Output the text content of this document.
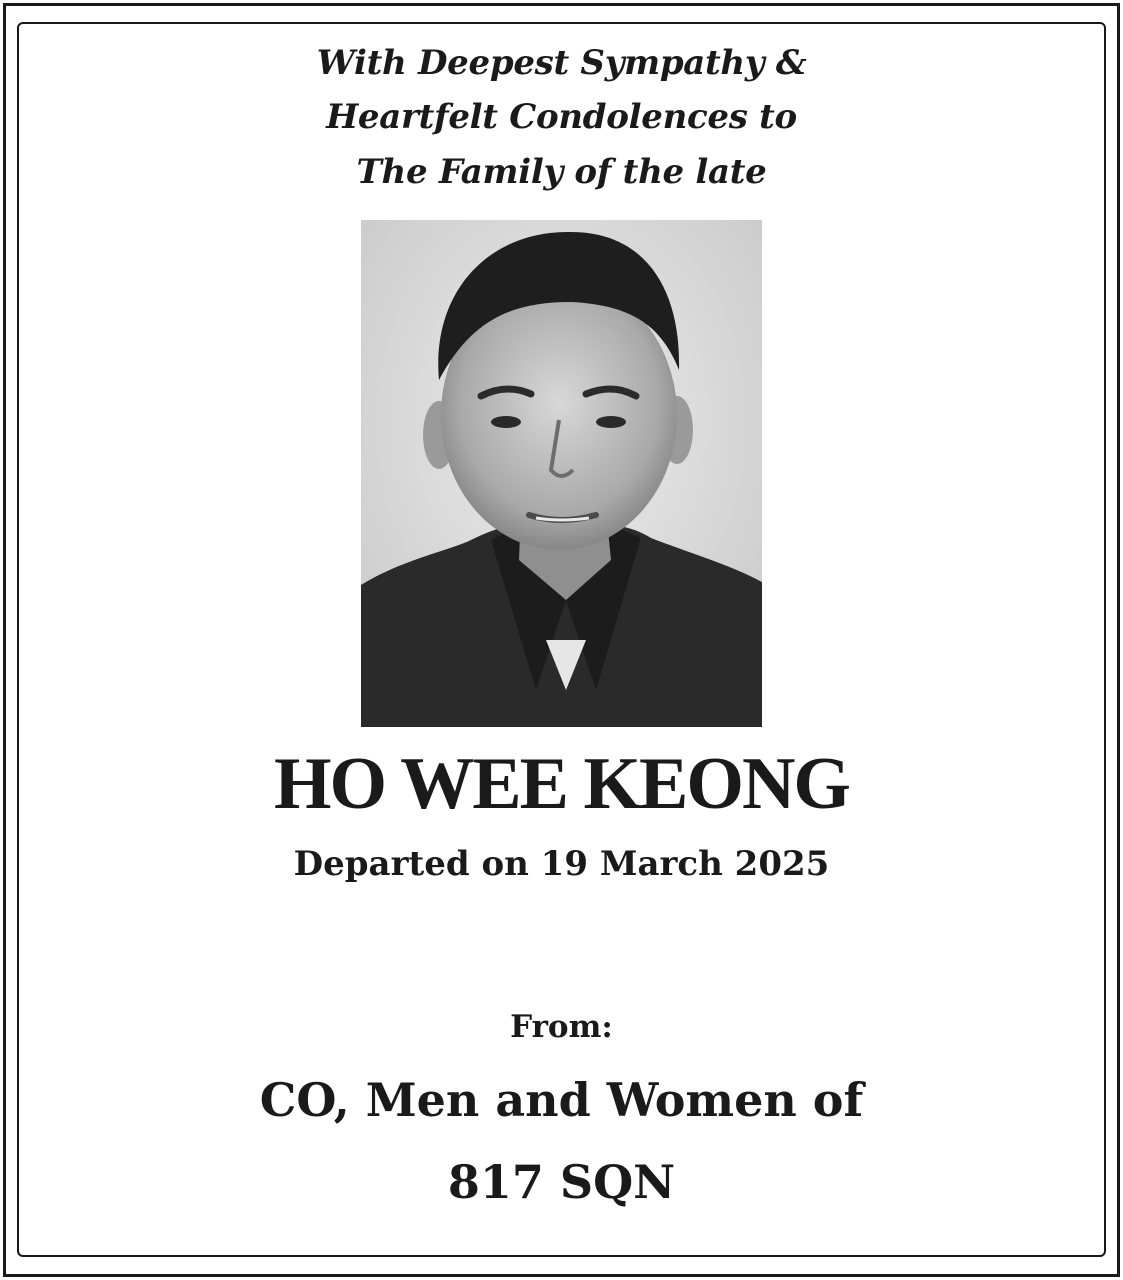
With Deepest Sympathy &
Heartfelt Condolences to
The Family of the late
HO WEE KEONG
Departed on 19 March 2025
From:
CO, Men and Women of
817 SQN
